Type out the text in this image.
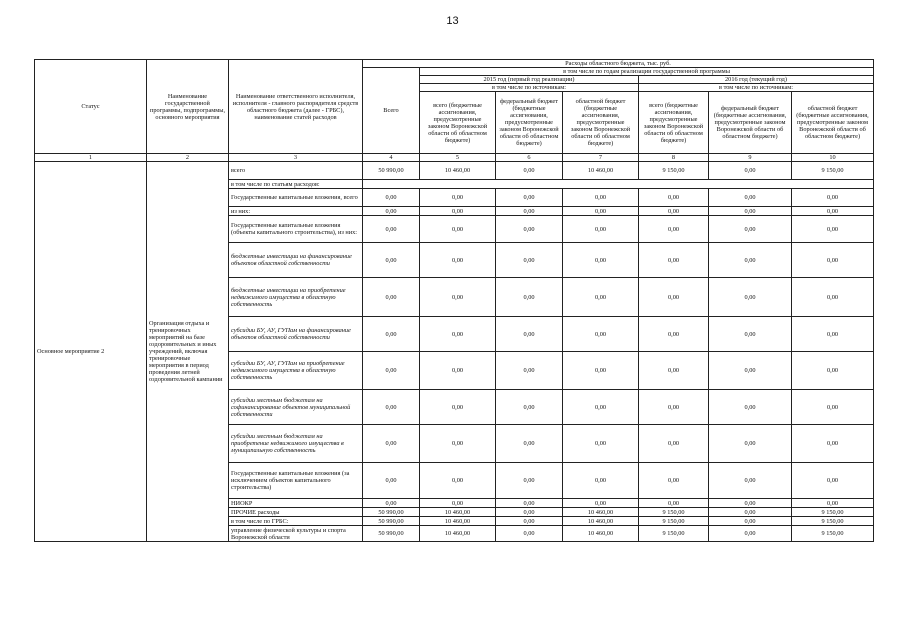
13
Статус	Наименование государственной программы, подпрограммы, основного мероприятия	Наименование ответственного исполнителя, исполнителя - главного распорядителя средств областного бюджета (далее - ГРБС), наименование статей расходов	Расходы областного бюджета, тыс. руб.						
			Всего	в том числе по годам реализации государственной программы					
				2015 год (первый год реализации)			2016 год (текущий год)		
				в том числе по источникам:			в том числе по источникам:		
				всего (бюджетные ассигнования, предусмотренные законом Воронежской области об областном бюджете)	федеральный бюджет (бюджетные ассигнования, предусмотренные законом Воронежской области об областном бюджете)	областной бюджет (бюджетные ассигнования, предусмотренные законом Воронежской области об областном бюджете)	всего (бюджетные ассигнования, предусмотренные законом Воронежской области об областном бюджете)	федеральный бюджет (бюджетные ассигнования, предусмотренные законом Воронежской области об областном бюджете)	областной бюджет (бюджетные ассигнования, предусмотренные законом Воронежской области об областном бюджете)
1	2	3	4	5	6	7	8	9	10
Основное мероприятие 2	Организация отдыха и тренировочных мероприятий на базе оздоровительных и иных учреждений, включая тренировочные мероприятия в период проведения летней оздоровительной кампании	всего	50 990,00	10 460,00	0,00	10 460,00	9 150,00	0,00	9 150,00
		в том числе по статьям расходов:							
		Государственные капитальные вложения, всего	0,00	0,00	0,00	0,00	0,00	0,00	0,00
		из них:	0,00	0,00	0,00	0,00	0,00	0,00	0,00
		Государственные капитальные вложения (объекты капитального строительства), из них:	0,00	0,00	0,00	0,00	0,00	0,00	0,00
		бюджетные инвестиции на финансирование объектов областной собственности	0,00	0,00	0,00	0,00	0,00	0,00	0,00
		бюджетные инвестиции на приобретение недвижимого имущества в областную собственность	0,00	0,00	0,00	0,00	0,00	0,00	0,00
		субсидии БУ, АУ, ГУПам на финансирование объектов областной собственности	0,00	0,00	0,00	0,00	0,00	0,00	0,00
		субсидии БУ, АУ, ГУПам на приобретение недвижимого имущества в областную собственность	0,00	0,00	0,00	0,00	0,00	0,00	0,00
		субсидии местным бюджетам на софинансирование объектов муниципальной собственности	0,00	0,00	0,00	0,00	0,00	0,00	0,00
		субсидии местным бюджетам на приобретение недвижимого имущества в муниципальную собственность	0,00	0,00	0,00	0,00	0,00	0,00	0,00
		Государственные капитальные вложения (за исключением объектов капитального строительства)	0,00	0,00	0,00	0,00	0,00	0,00	0,00
		НИОКР	0,00	0,00	0,00	0,00	0,00	0,00	0,00
		ПРОЧИЕ расходы	50 990,00	10 460,00	0,00	10 460,00	9 150,00	0,00	9 150,00
		в том числе по ГРБС:	50 990,00	10 460,00	0,00	10 460,00	9 150,00	0,00	9 150,00
		управление физической культуры и спорта Воронежской области	50 990,00	10 460,00	0,00	10 460,00	9 150,00	0,00	9 150,00
